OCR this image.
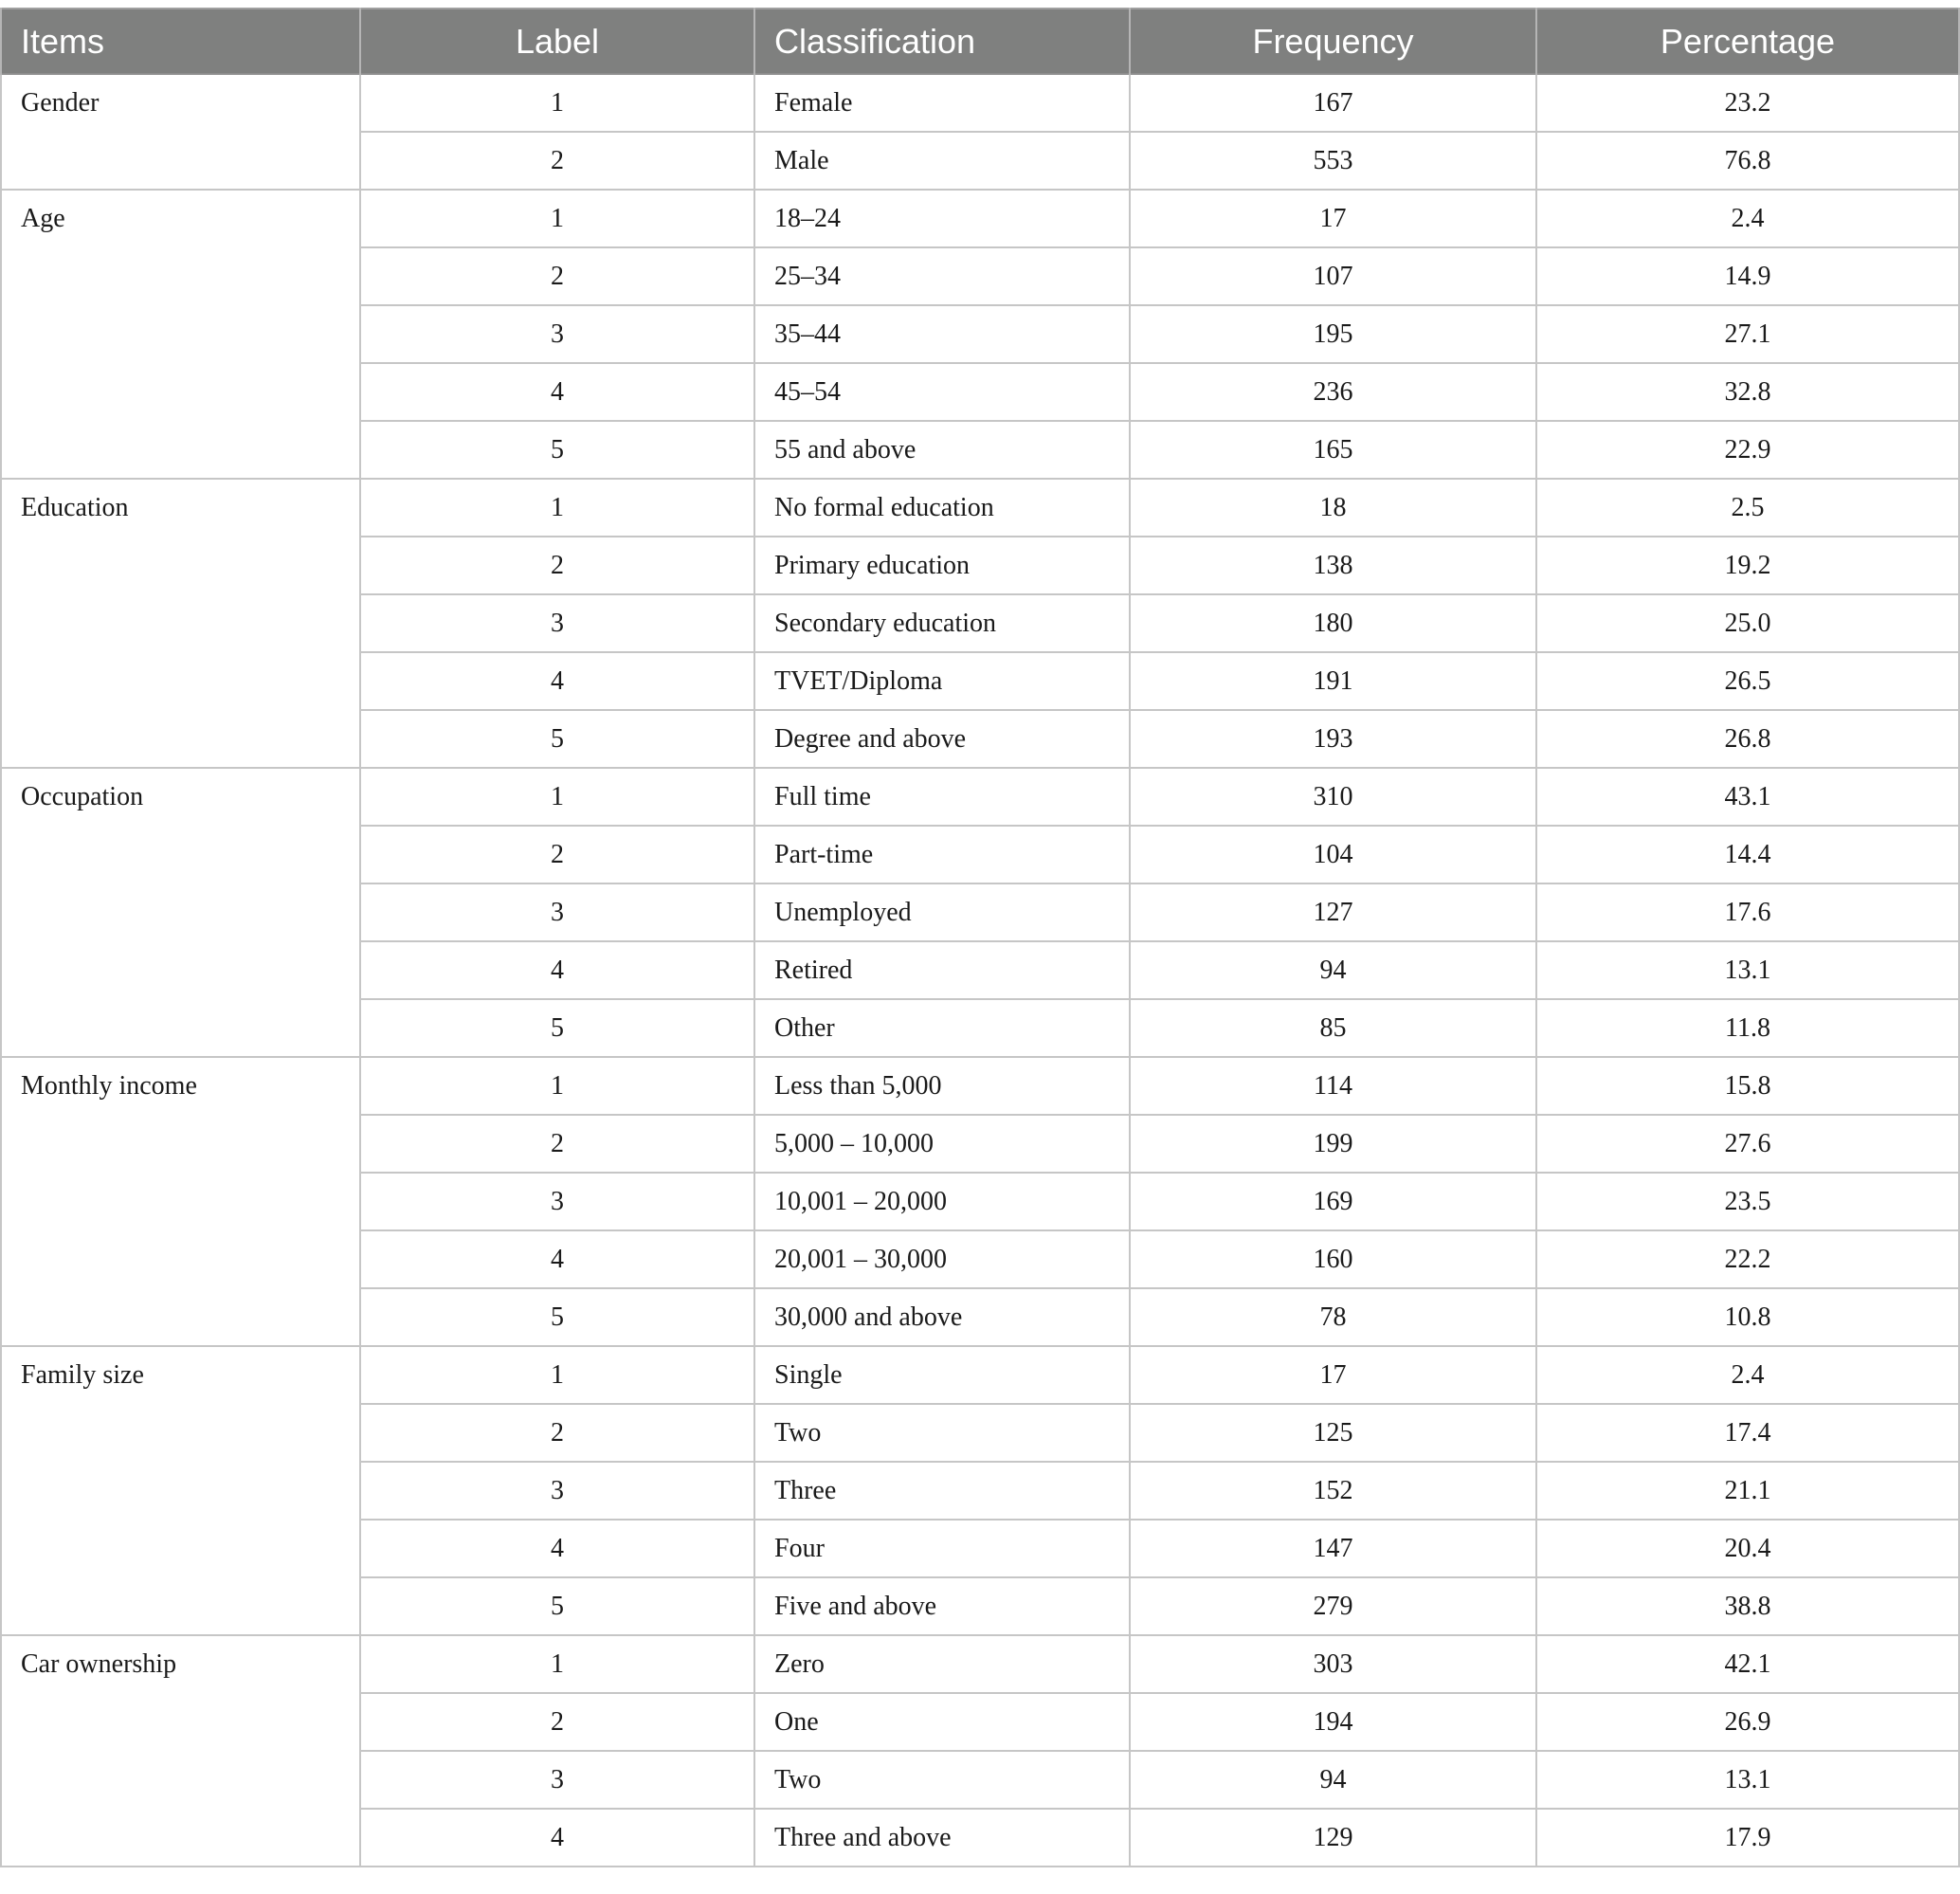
Items	Label	Classification	Frequency	Percentage
Gender	1	Female	167	23.2
	2	Male	553	76.8
Age	1	18–24	17	2.4
	2	25–34	107	14.9
	3	35–44	195	27.1
	4	45–54	236	32.8
	5	55 and above	165	22.9
Education	1	No formal education	18	2.5
	2	Primary education	138	19.2
	3	Secondary education	180	25.0
	4	TVET/Diploma	191	26.5
	5	Degree and above	193	26.8
Occupation	1	Full time	310	43.1
	2	Part-time	104	14.4
	3	Unemployed	127	17.6
	4	Retired	94	13.1
	5	Other	85	11.8
Monthly income	1	Less than 5,000	114	15.8
	2	5,000 – 10,000	199	27.6
	3	10,001 – 20,000	169	23.5
	4	20,001 – 30,000	160	22.2
	5	30,000 and above	78	10.8
Family size	1	Single	17	2.4
	2	Two	125	17.4
	3	Three	152	21.1
	4	Four	147	20.4
	5	Five and above	279	38.8
Car ownership	1	Zero	303	42.1
	2	One	194	26.9
	3	Two	94	13.1
	4	Three and above	129	17.9
